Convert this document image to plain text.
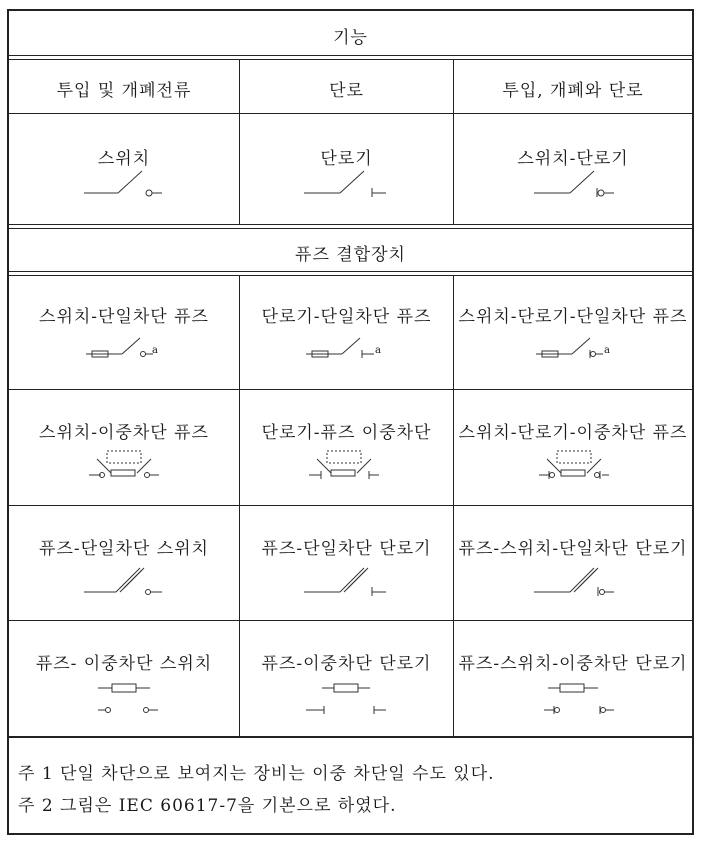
기능
투입 및 개폐전류	단로	투입, 개폐와 단로
스위치	단로기	스위치-단로기
퓨즈 결합장치
스위치-단일차단 퓨즈	단로기-단일차단 퓨즈	스위치-단로기-단일차단 퓨즈
a	a	a
스위치-이중차단 퓨즈	단로기-퓨즈 이중차단	스위치-단로기-이중차단 퓨즈
퓨즈-단일차단 스위치	퓨즈-단일차단 단로기	퓨즈-스위치-단일차단 단로기
퓨즈- 이중차단 스위치	퓨즈-이중차단 단로기	퓨즈-스위치-이중차단 단로기
주 1 단일 차단으로 보여지는 장비는 이중 차단일 수도 있다.
주 2 그림은 IEC 60617-7을 기본으로 하였다.
